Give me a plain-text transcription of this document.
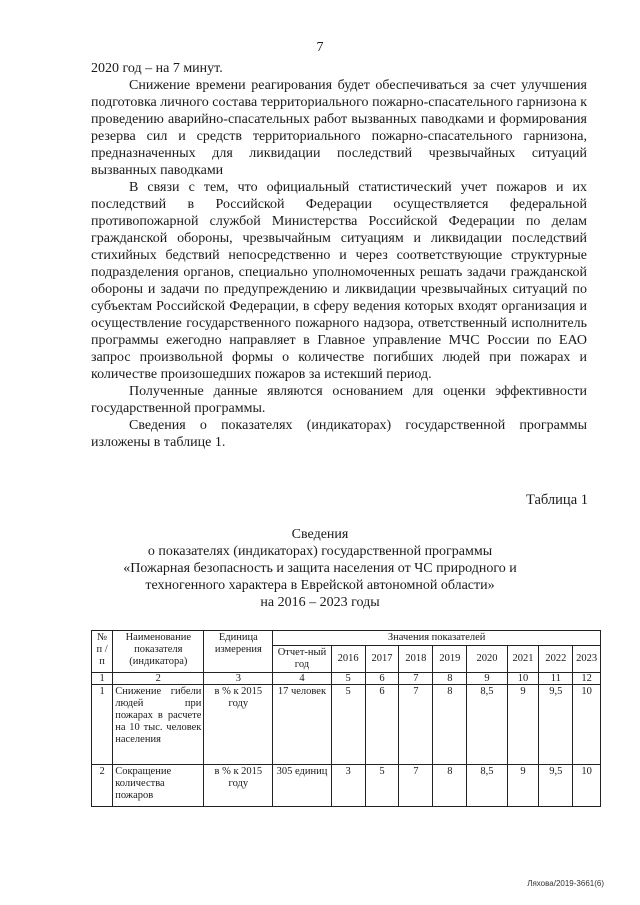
7

2020 год – на 7 минут.

Снижение времени реагирования будет обеспечиваться за счет улучшения подготовка личного состава территориального пожарно-спасательного гарнизона к проведению аварийно-спасательных работ вызванных паводками и формирования резерва сил и средств территориального пожарно-спасательного гарнизона, предназначенных для ликвидации последствий чрезвычайных ситуаций вызванных паводками

В связи с тем, что официальный статистический учет пожаров и их последствий в Российской Федерации осуществляется федеральной противопожарной службой Министерства Российской Федерации по делам гражданской обороны, чрезвычайным ситуациям и ликвидации последствий стихийных бедствий непосредственно и через соответствующие структурные подразделения органов, специально уполномоченных решать задачи гражданской обороны и задачи по предупреждению и ликвидации чрезвычайных ситуаций по субъектам Российской Федерации, в сферу ведения которых входят организация и осуществление государственного пожарного надзора, ответственный исполнитель программы ежегодно направляет в Главное управление МЧС России по ЕАО запрос произвольной формы о количестве погибших людей при пожарах и количестве произошедших пожаров за истекший период.

Полученные данные являются основанием для оценки эффективности государственной программы.

Сведения о показателях (индикаторах) государственной программы изложены в таблице 1.

Таблица 1
Сведения
о показателях (индикаторах) государственной программы
«Пожарная безопасность и защита населения от ЧС природного и
техногенного характера в Еврейской автономной области»
на 2016 – 2023 годы
№ п /п	Наименование показателя (индикатора)	Единица измерения	Значения показателей								
			Отчет-ный год	2016	2017	2018	2019	2020	2021	2022	2023
1	2	3	4	5	6	7	8	9	10	11	12
1	Снижение гибели людей при пожарах в расчете на 10 тыс. человек населения	в % к 2015 году	17 человек	5	6	7	8	8,5	9	9,5	10
2	Сокращение количества пожаров	в % к 2015 году	305 единиц	3	5	7	8	8,5	9	9,5	10
Ляхова/2019-3661(6)
